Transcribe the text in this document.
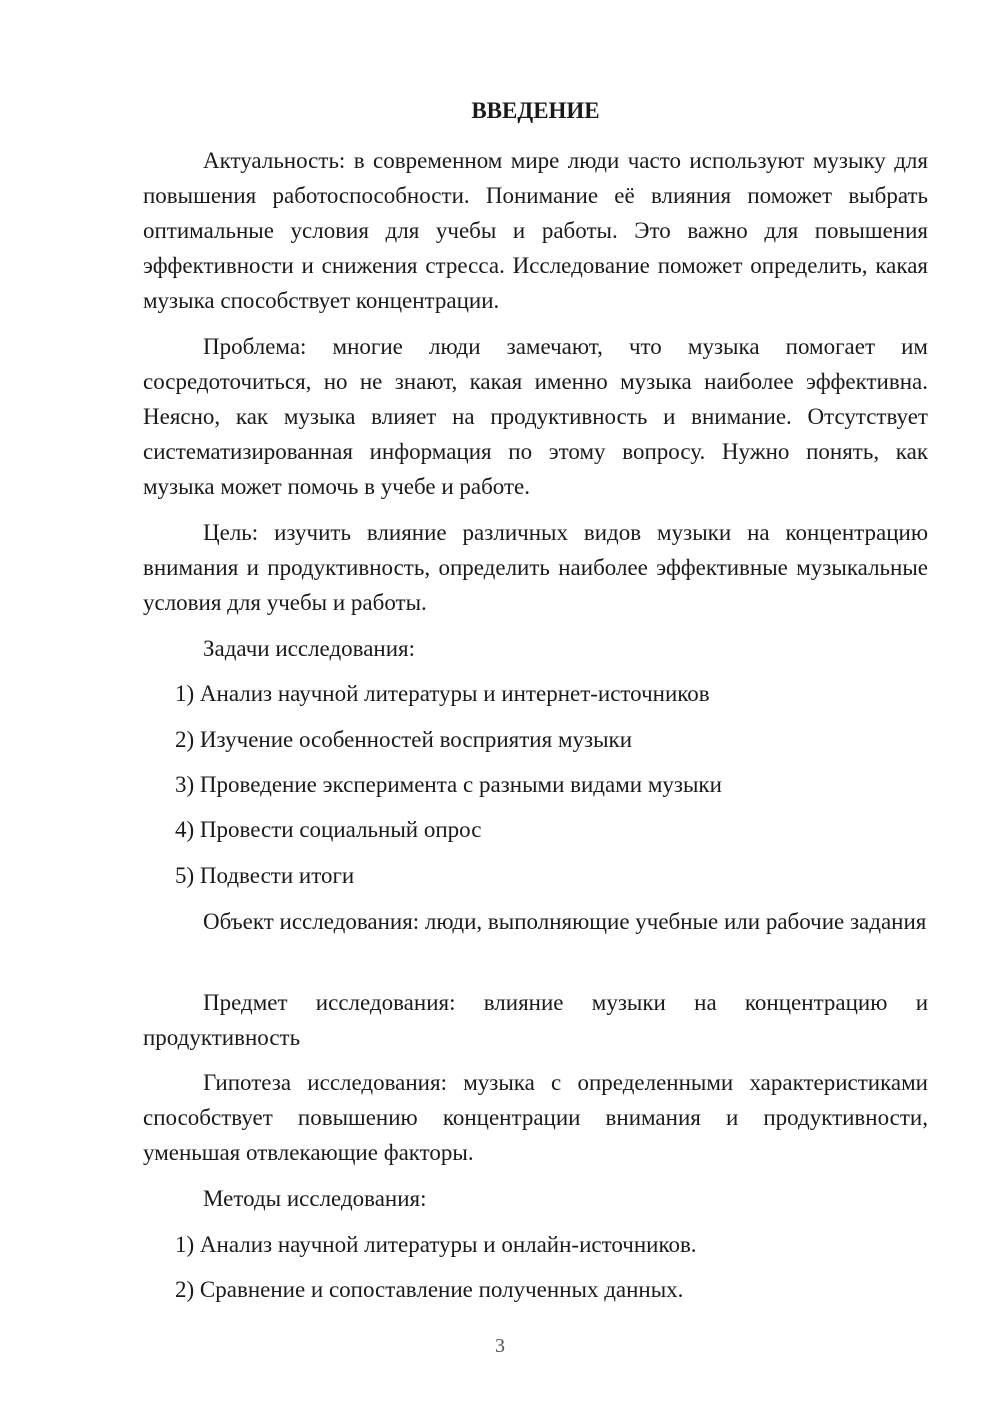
ВВЕДЕНИЕ

Актуальность: в современном мире люди часто используют музыку для повышения работоспособности. Понимание её влияния поможет выбрать оптимальные условия для учебы и работы. Это важно для повышения эффективности и снижения стресса. Исследование поможет определить, какая музыка способствует концентрации.

Проблема: многие люди замечают, что музыка помогает им сосредоточиться, но не знают, какая именно музыка наиболее эффективна. Неясно, как музыка влияет на продуктивность и внимание. Отсутствует систематизированная информация по этому вопросу. Нужно понять, как музыка может помочь в учебе и работе.

Цель: изучить влияние различных видов музыки на концентрацию внимания и продуктивность, определить наиболее эффективные музыкальные условия для учебы и работы.

Задачи исследования:

1) Анализ научной литературы и интернет-источников

2) Изучение особенностей восприятия музыки

3) Проведение эксперимента с разными видами музыки

4) Провести социальный опрос

5) Подвести итоги

Объект исследования: люди, выполняющие учебные или рабочие задания

Предмет исследования: влияние музыки на концентрацию и продуктивность

Гипотеза исследования: музыка с определенными характеристиками способствует повышению концентрации внимания и продуктивности, уменьшая отвлекающие факторы.

Методы исследования:

1) Анализ научной литературы и онлайн-источников.

2) Сравнение и сопоставление полученных данных.

3
